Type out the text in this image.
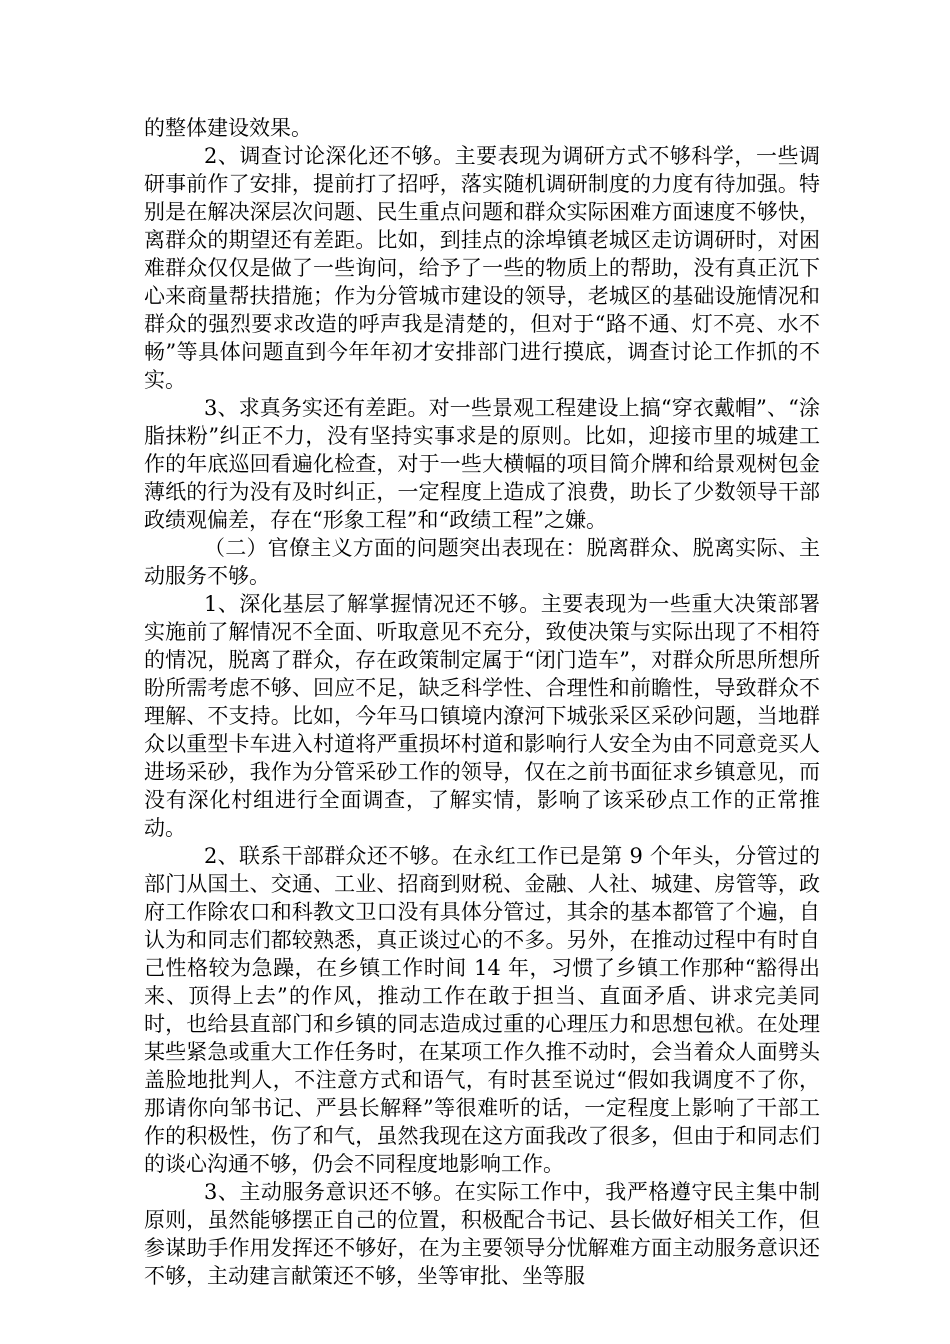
的整体建设效果。

2、调查讨论深化还不够。主要表现为调研方式不够科学，一些调研事前作了安排，提前打了招呼，落实随机调研制度的力度有待加强。特别是在解决深层次问题、民生重点问题和群众实际困难方面速度不够快，离群众的期望还有差距。比如，到挂点的涂埠镇老城区走访调研时，对困难群众仅仅是做了一些询问，给予了一些的物质上的帮助，没有真正沉下心来商量帮扶措施；作为分管城市建设的领导，老城区的基础设施情况和群众的强烈要求改造的呼声我是清楚的，但对于“路不通、灯不亮、水不畅”等具体问题直到今年年初才安排部门进行摸底，调查讨论工作抓的不实。

3、求真务实还有差距。对一些景观工程建设上搞“穿衣戴帽”、“涂脂抹粉”纠正不力，没有坚持实事求是的原则。比如，迎接市里的城建工作的年底巡回看遍化检查，对于一些大横幅的项目简介牌和给景观树包金薄纸的行为没有及时纠正，一定程度上造成了浪费，助长了少数领导干部政绩观偏差，存在“形象工程”和“政绩工程”之嫌。

（二）官僚主义方面的问题突出表现在：脱离群众、脱离实际、主动服务不够。

1、深化基层了解掌握情况还不够。主要表现为一些重大决策部署实施前了解情况不全面、听取意见不充分，致使决策与实际出现了不相符的情况，脱离了群众，存在政策制定属于“闭门造车”，对群众所思所想所盼所需考虑不够、回应不足，缺乏科学性、合理性和前瞻性，导致群众不理解、不支持。比如，今年马口镇境内潦河下城张采区采砂问题，当地群众以重型卡车进入村道将严重损坏村道和影响行人安全为由不同意竞买人进场采砂，我作为分管采砂工作的领导，仅在之前书面征求乡镇意见，而没有深化村组进行全面调查，了解实情，影响了该采砂点工作的正常推动。

2、联系干部群众还不够。在永红工作已是第 9 个年头，分管过的部门从国土、交通、工业、招商到财税、金融、人社、城建、房管等，政府工作除农口和科教文卫口没有具体分管过，其余的基本都管了个遍，自认为和同志们都较熟悉，真正谈过心的不多。另外，在推动过程中有时自己性格较为急躁，在乡镇工作时间 14 年，习惯了乡镇工作那种“豁得出来、顶得上去”的作风，推动工作在敢于担当、直面矛盾、讲求完美同时，也给县直部门和乡镇的同志造成过重的心理压力和思想包袱。在处理某些紧急或重大工作任务时，在某项工作久推不动时，会当着众人面劈头盖脸地批判人，不注意方式和语气，有时甚至说过“假如我调度不了你，那请你向邹书记、严县长解释”等很难听的话，一定程度上影响了干部工作的积极性，伤了和气，虽然我现在这方面我改了很多，但由于和同志们的谈心沟通不够，仍会不同程度地影响工作。

3、主动服务意识还不够。在实际工作中，我严格遵守民主集中制原则，虽然能够摆正自己的位置，积极配合书记、县长做好相关工作，但参谋助手作用发挥还不够好，在为主要领导分忧解难方面主动服务意识还不够，主动建言献策还不够，坐等审批、坐等服
